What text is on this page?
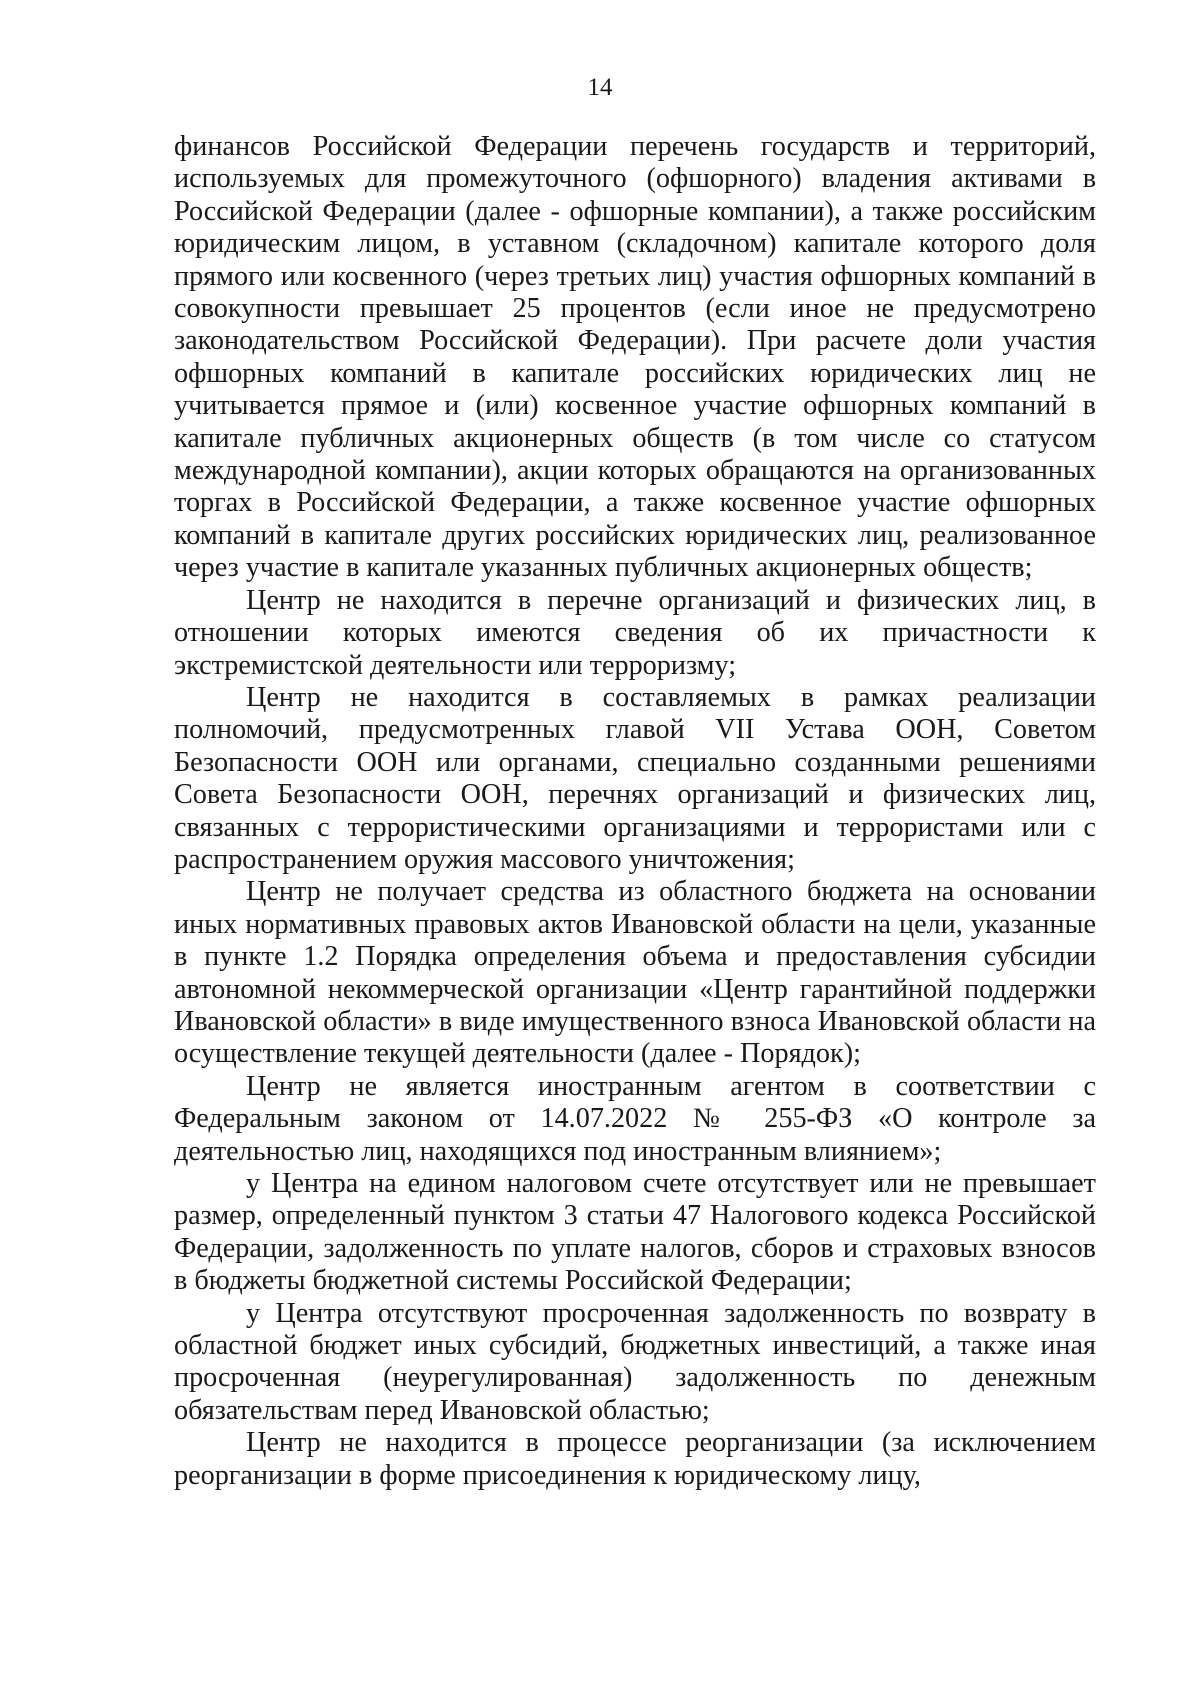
14

финансов Российской Федерации перечень государств и территорий, используемых для промежуточного (офшорного) владения активами в Российской Федерации (далее - офшорные компании), а также российским юридическим лицом, в уставном (складочном) капитале которого доля прямого или косвенного (через третьих лиц) участия офшорных компаний в совокупности превышает 25 процентов (если иное не предусмотрено законодательством Российской Федерации). При расчете доли участия офшорных компаний в капитале российских юридических лиц не учитывается прямое и (или) косвенное участие офшорных компаний в капитале публичных акционерных обществ (в том числе со статусом международной компании), акции которых обращаются на организованных торгах в Российской Федерации, а также косвенное участие офшорных компаний в капитале других российских юридических лиц, реализованное через участие в капитале указанных публичных акционерных обществ;

Центр не находится в перечне организаций и физических лиц, в отношении которых имеются сведения об их причастности к экстремистской деятельности или терроризму;

Центр не находится в составляемых в рамках реализации полномочий, предусмотренных главой VII Устава ООН, Советом Безопасности ООН или органами, специально созданными решениями Совета Безопасности ООН, перечнях организаций и физических лиц, связанных с террористическими организациями и террористами или с распространением оружия массового уничтожения;

Центр не получает средства из областного бюджета на основании иных нормативных правовых актов Ивановской области на цели, указанные в пункте 1.2 Порядка определения объема и предоставления субсидии автономной некоммерческой организации «Центр гарантийной поддержки Ивановской области» в виде имущественного взноса Ивановской области на осуществление текущей деятельности (далее - Порядок);

Центр не является иностранным агентом в соответствии с Федеральным законом от 14.07.2022 № 255-ФЗ «О контроле за деятельностью лиц, находящихся под иностранным влиянием»;

у Центра на едином налоговом счете отсутствует или не превышает размер, определенный пунктом 3 статьи 47 Налогового кодекса Российской Федерации, задолженность по уплате налогов, сборов и страховых взносов в бюджеты бюджетной системы Российской Федерации;

у Центра отсутствуют просроченная задолженность по возврату в областной бюджет иных субсидий, бюджетных инвестиций, а также иная просроченная (неурегулированная) задолженность по денежным обязательствам перед Ивановской областью;

Центр не находится в процессе реорганизации (за исключением реорганизации в форме присоединения к юридическому лицу,
